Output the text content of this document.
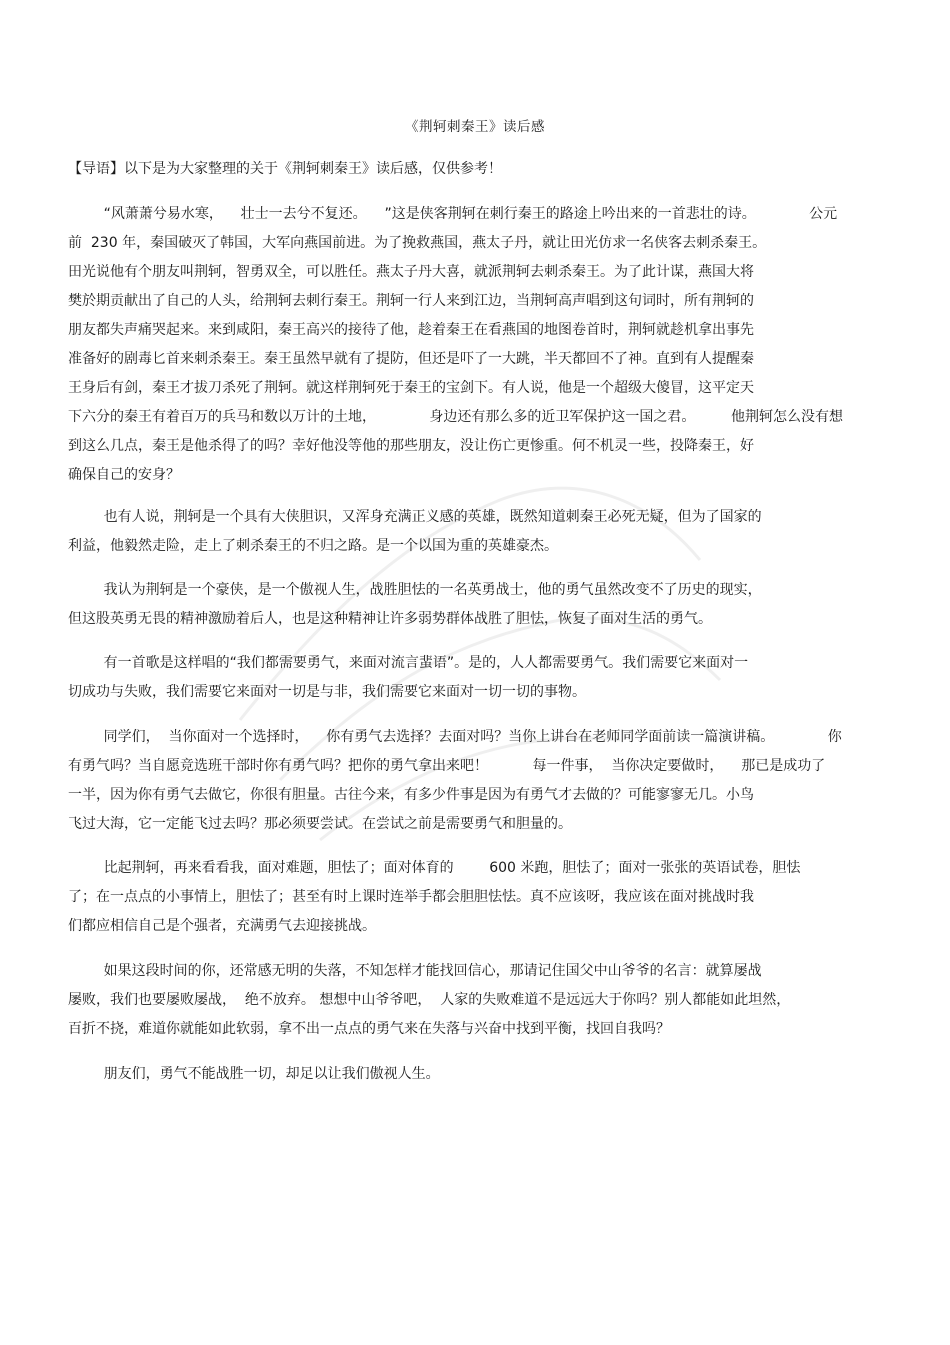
《荆轲刺秦王》读后感
【导语】以下是为大家整理的关于《荆轲刺秦王》读后感，仅供参考！
“风萧萧兮易水寒，    壮士一去兮不复还。    ”这是侠客荆轲在刺行秦王的路途上吟出来的一首悲壮的诗。            公元
前  230 年，秦国破灭了韩国，大军向燕国前进。为了挽救燕国，燕太子丹，就让田光仿求一名侠客去刺杀秦王。
田光说他有个朋友叫荆轲，智勇双全，可以胜任。燕太子丹大喜，就派荆轲去刺杀秦王。为了此计谋，燕国大将
樊於期贡献出了自己的人头，给荆轲去刺行秦王。荆轲一行人来到江边，当荆轲高声唱到这句词时，所有荆轲的
朋友都失声痛哭起来。来到咸阳，秦王高兴的接待了他，趁着秦王在看燕国的地图卷首时，荆轲就趁机拿出事先
准备好的剧毒匕首来刺杀秦王。秦王虽然早就有了提防，但还是吓了一大跳，半天都回不了神。直到有人提醒秦
王身后有剑，秦王才拔刀杀死了荆轲。就这样荆轲死于秦王的宝剑下。有人说，他是一个超级大傻冒，这平定天
下六分的秦王有着百万的兵马和数以万计的土地，            身边还有那么多的近卫军保护这一国之君。        他荆轲怎么没有想
到这么几点，秦王是他杀得了的吗？幸好他没等他的那些朋友，没让伤亡更惨重。何不机灵一些，投降秦王，好
确保自己的安身？
也有人说，荆轲是一个具有大侠胆识，又浑身充满正义感的英雄，既然知道刺秦王必死无疑，但为了国家的
利益，他毅然走险，走上了刺杀秦王的不归之路。是一个以国为重的英雄豪杰。
我认为荆轲是一个豪侠，是一个傲视人生，战胜胆怯的一名英勇战士，他的勇气虽然改变不了历史的现实，
但这股英勇无畏的精神激励着后人，也是这种精神让许多弱势群体战胜了胆怯，恢复了面对生活的勇气。
有一首歌是这样唱的“我们都需要勇气，来面对流言蜚语”。是的，人人都需要勇气。我们需要它来面对一
切成功与失败，我们需要它来面对一切是与非，我们需要它来面对一切一切的事物。
同学们，  当你面对一个选择时，    你有勇气去选择？去面对吗？当你上讲台在老师同学面前读一篇演讲稿。            你
有勇气吗？当自愿竞选班干部时你有勇气吗？把你的勇气拿出来吧！          每一件事，  当你决定要做时，    那已是成功了
一半，因为你有勇气去做它，你很有胆量。古往今来，有多少件事是因为有勇气才去做的？可能寥寥无几。小鸟
飞过大海，它一定能飞过去吗？那必须要尝试。在尝试之前是需要勇气和胆量的。
比起荆轲，再来看看我，面对难题，胆怯了；面对体育的        600 米跑，胆怯了；面对一张张的英语试卷，胆怯
了；在一点点的小事情上，胆怯了；甚至有时上课时连举手都会胆胆怯怯。真不应该呀，我应该在面对挑战时我
们都应相信自己是个强者，充满勇气去迎接挑战。
如果这段时间的你，还常感无明的失落，不知怎样才能找回信心，那请记住国父中山爷爷的名言：就算屡战
屡败，我们也要屡败屡战，  绝不放弃。 想想中山爷爷吧，  人家的失败难道不是远远大于你吗？别人都能如此坦然，
百折不挠，难道你就能如此软弱，拿不出一点点的勇气来在失落与兴奋中找到平衡，找回自我吗？
朋友们，勇气不能战胜一切，却足以让我们傲视人生。
